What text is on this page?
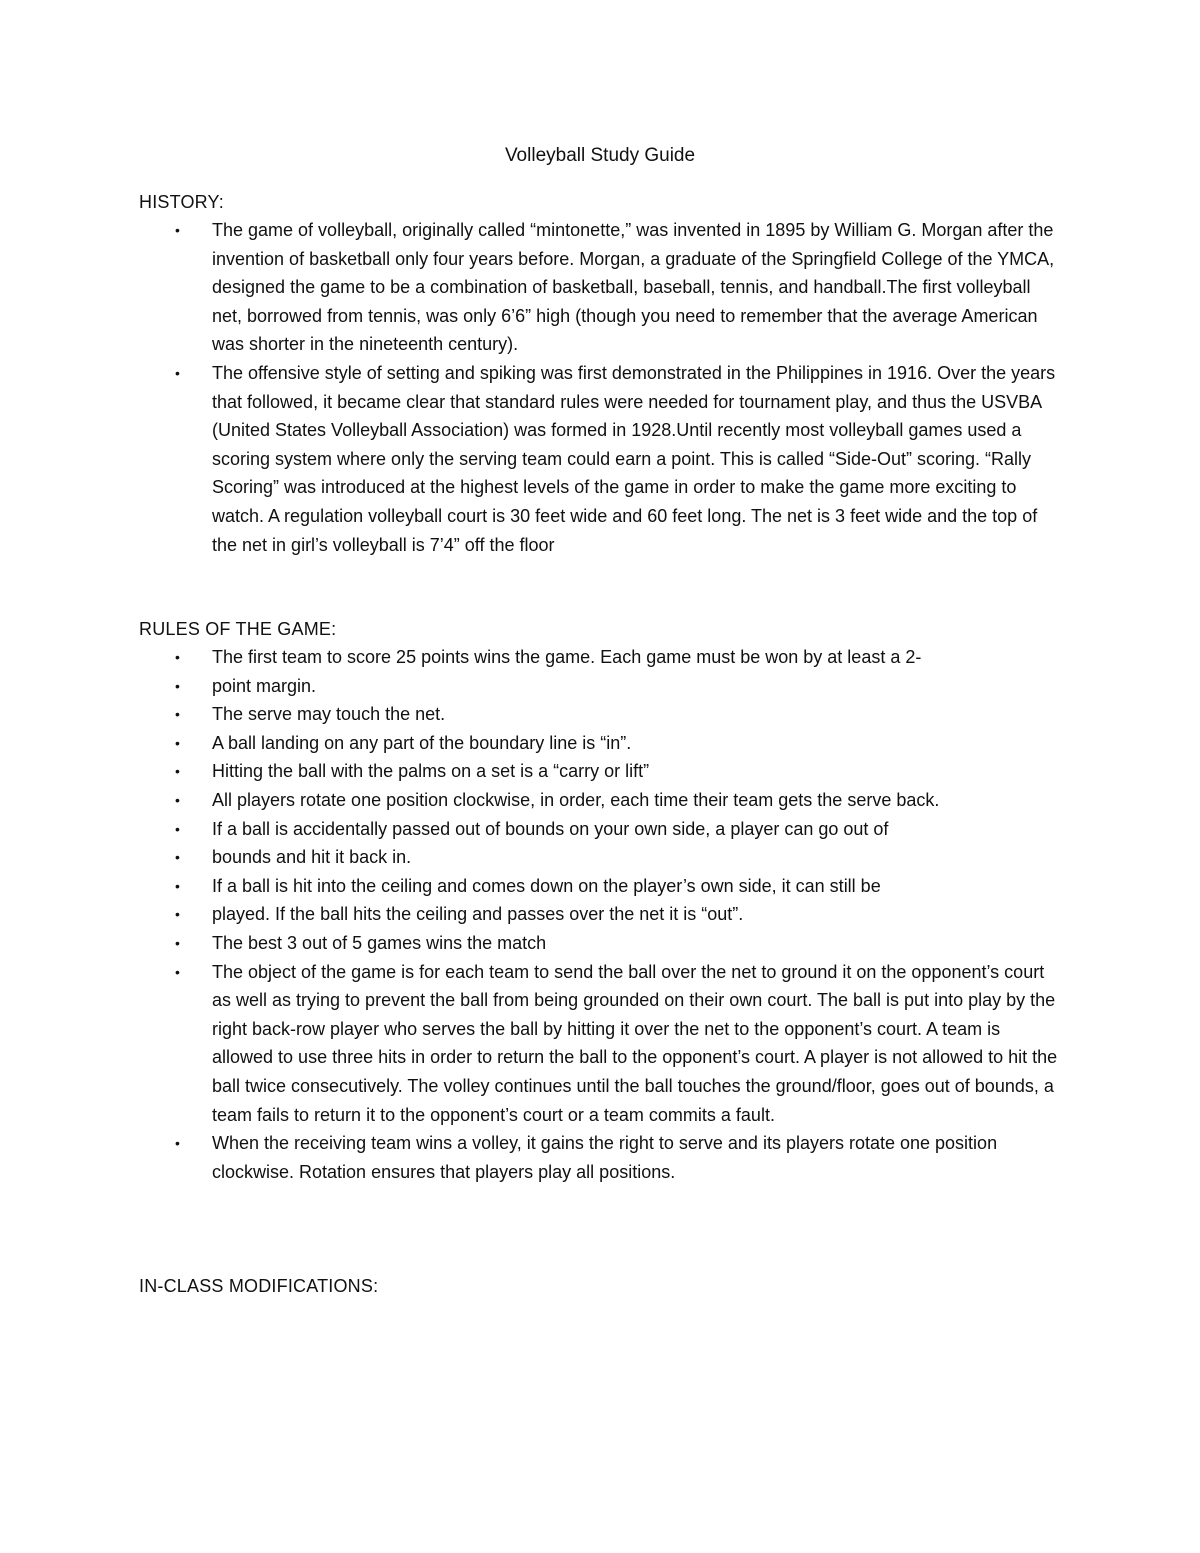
Volleyball Study Guide
HISTORY:
• The game of volleyball, originally called “mintonette,” was invented in 1895 by William G. Morgan after the invention of basketball only four years before. Morgan, a graduate of the Springfield College of the YMCA, designed the game to be a combination of basketball, baseball, tennis, and handball.The first volleyball net, borrowed from tennis, was only 6’6” high (though you need to remember that the average American was shorter in the nineteenth century).
• The offensive style of setting and spiking was first demonstrated in the Philippines in 1916. Over the years that followed, it became clear that standard rules were needed for tournament play, and thus the USVBA (United States Volleyball Association) was formed in 1928.Until recently most volleyball games used a scoring system where only the serving team could earn a point. This is called “Side-Out” scoring. “Rally Scoring” was introduced at the highest levels of the game in order to make the game more exciting to watch. A regulation volleyball court is 30 feet wide and 60 feet long. The net is 3 feet wide and the top of the net in girl’s volleyball is 7’4” off the floor
RULES OF THE GAME:
• The first team to score 25 points wins the game. Each game must be won by at least a 2-
• point margin.
• The serve may touch the net.
• A ball landing on any part of the boundary line is “in”.
• Hitting the ball with the palms on a set is a “carry or lift”
• All players rotate one position clockwise, in order, each time their team gets the serve back.
• If a ball is accidentally passed out of bounds on your own side, a player can go out of
• bounds and hit it back in.
• If a ball is hit into the ceiling and comes down on the player’s own side, it can still be
• played. If the ball hits the ceiling and passes over the net it is “out”.
• The best 3 out of 5 games wins the match
• The object of the game is for each team to send the ball over the net to ground it on the opponent’s court as well as trying to prevent the ball from being grounded on their own court. The ball is put into play by the right back-row player who serves the ball by hitting it over the net to the opponent’s court. A team is allowed to use three hits in order to return the ball to the opponent’s court. A player is not allowed to hit the ball twice consecutively. The volley continues until the ball touches the ground/floor, goes out of bounds, a team fails to return it to the opponent’s court or a team commits a fault.
• When the receiving team wins a volley, it gains the right to serve and its players rotate one position clockwise. Rotation ensures that players play all positions.
IN-CLASS MODIFICATIONS:
